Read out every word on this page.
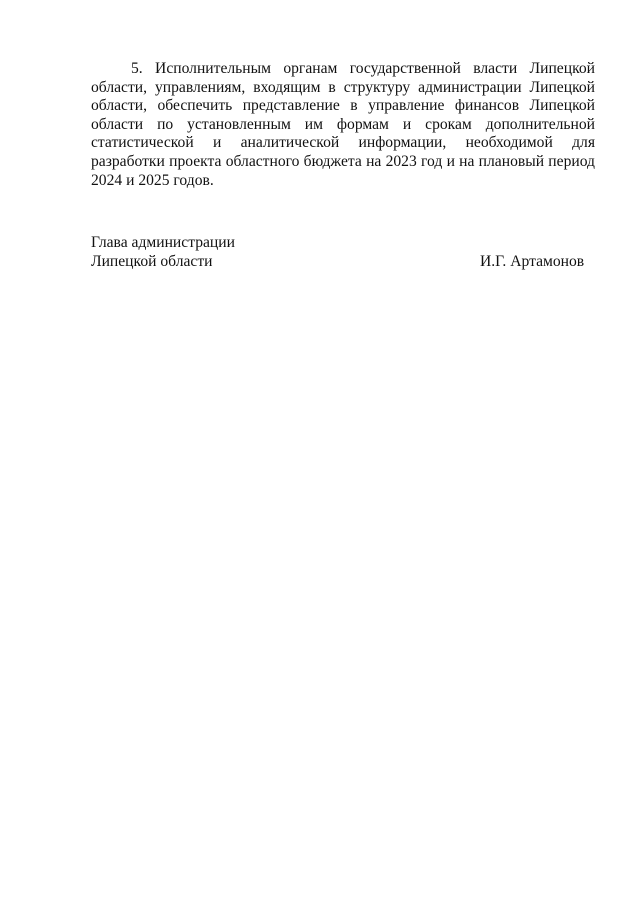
5. Исполнительным органам государственной власти Липецкой области, управлениям, входящим в структуру администрации Липецкой области, обеспечить представление в управление финансов Липецкой области по установленным им формам и срокам дополнительной статистической и аналитической информации, необходимой для разработки проекта областного бюджета на 2023 год и на плановый период 2024 и 2025 годов.

Глава администрации
Липецкой области	И.Г. Артамонов
